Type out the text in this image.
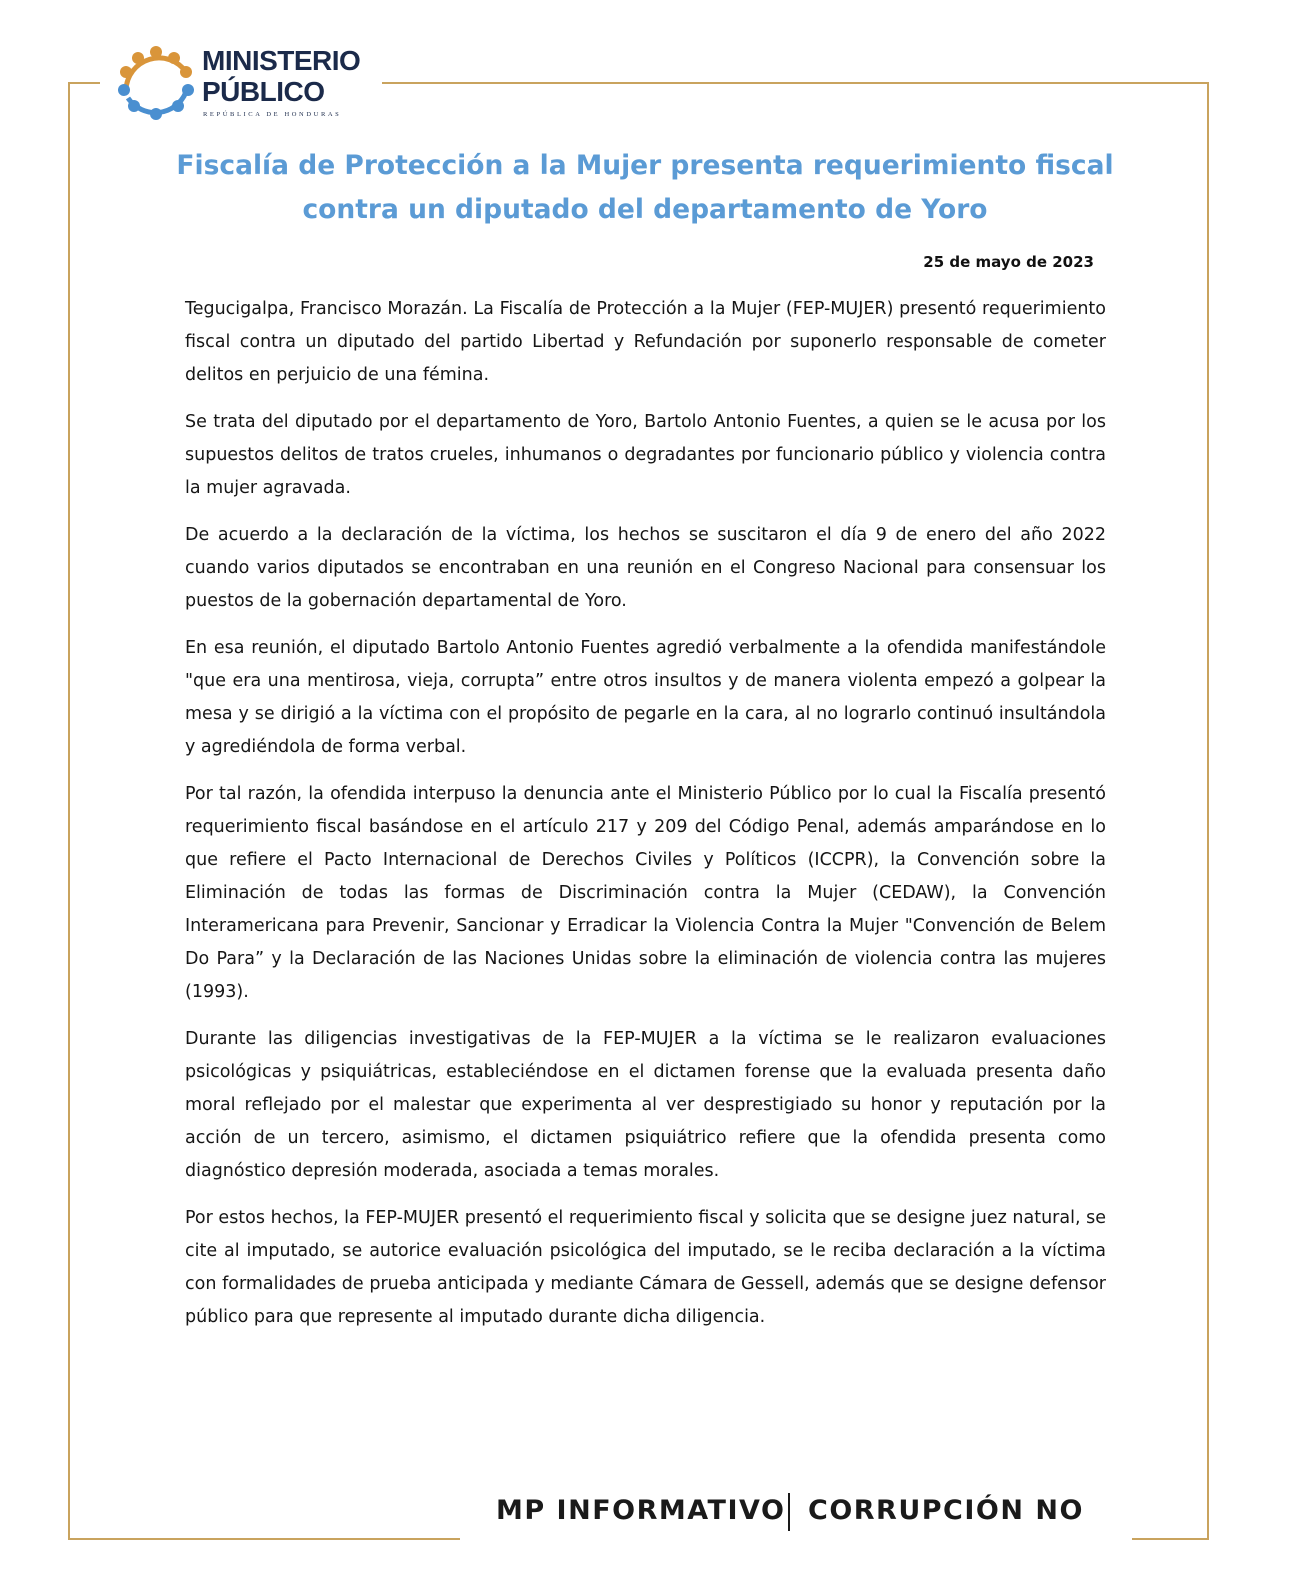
MINISTERIO
PÚBLICO
REPÚBLICA DE HONDURAS
Fiscalía de Protección a la Mujer presenta requerimiento fiscal
contra un diputado del departamento de Yoro
25 de mayo de 2023

Tegucigalpa, Francisco Morazán. La Fiscalía de Protección a la Mujer (FEP-MUJER) presentó requerimiento fiscal contra un diputado del partido Libertad y Refundación por suponerlo responsable de cometer delitos en perjuicio de una fémina.

Se trata del diputado por el departamento de Yoro, Bartolo Antonio Fuentes, a quien se le acusa por los supuestos delitos de tratos crueles, inhumanos o degradantes por funcionario público y violencia contra la mujer agravada.

De acuerdo a la declaración de la víctima, los hechos se suscitaron el día 9 de enero del año 2022 cuando varios diputados se encontraban en una reunión en el Congreso Nacional para consensuar los puestos de la gobernación departamental de Yoro.

En esa reunión, el diputado Bartolo Antonio Fuentes agredió verbalmente a la ofendida manifestándole "que era una mentirosa, vieja, corrupta” entre otros insultos y de manera violenta empezó a golpear la mesa y se dirigió a la víctima con el propósito de pegarle en la cara, al no lograrlo continuó insultándola y agrediéndola de forma verbal.

Por tal razón, la ofendida interpuso la denuncia ante el Ministerio Público por lo cual la Fiscalía presentó requerimiento fiscal basándose en el artículo 217 y 209 del Código Penal, además amparándose en lo que refiere el Pacto Internacional de Derechos Civiles y Políticos (ICCPR), la Convención sobre la Eliminación de todas las formas de Discriminación contra la Mujer (CEDAW), la Convención Interamericana para Prevenir, Sancionar y Erradicar la Violencia Contra la Mujer "Convención de Belem Do Para” y la Declaración de las Naciones Unidas sobre la eliminación de violencia contra las mujeres (1993).

Durante las diligencias investigativas de la FEP-MUJER a la víctima se le realizaron evaluaciones psicológicas y psiquiátricas, estableciéndose en el dictamen forense que la evaluada presenta daño moral reflejado por el malestar que experimenta al ver desprestigiado su honor y reputación por la acción de un tercero, asimismo, el dictamen psiquiátrico refiere que la ofendida presenta como diagnóstico depresión moderada, asociada a temas morales.

Por estos hechos, la FEP-MUJER presentó el requerimiento fiscal y solicita que se designe juez natural, se cite al imputado, se autorice evaluación psicológica del imputado, se le reciba declaración a la víctima con formalidades de prueba anticipada y mediante Cámara de Gessell, además que se designe defensor público para que represente al imputado durante dicha diligencia.

MP INFORMATIVO CORRUPCIÓN NO
